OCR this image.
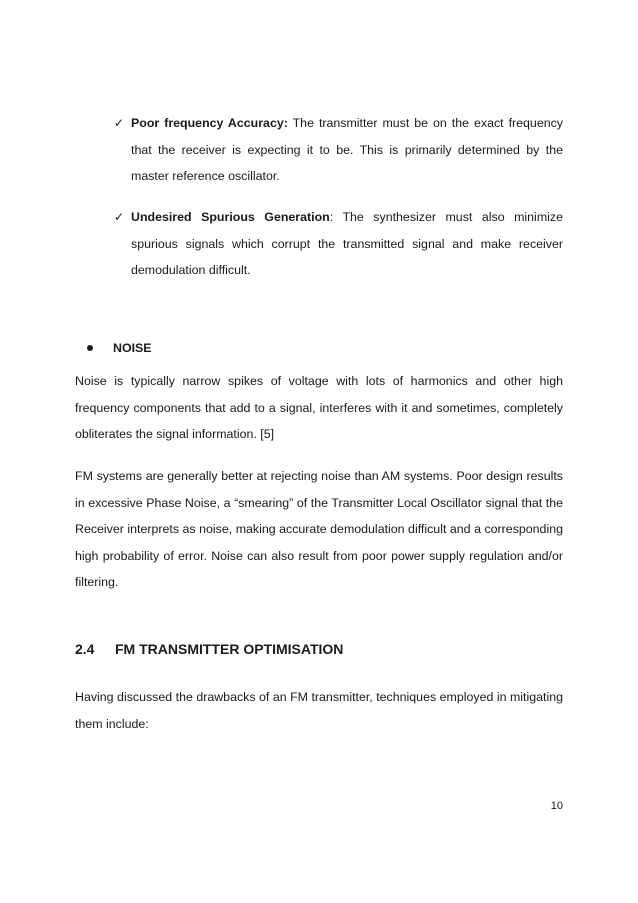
✓ Poor frequency Accuracy: The transmitter must be on the exact frequency that the receiver is expecting it to be. This is primarily determined by the master reference oscillator.
✓ Undesired Spurious Generation: The synthesizer must also minimize spurious signals which corrupt the transmitted signal and make receiver demodulation difficult.
NOISE
Noise is typically narrow spikes of voltage with lots of harmonics and other high frequency components that add to a signal, interferes with it and sometimes, completely obliterates the signal information. [5]
FM systems are generally better at rejecting noise than AM systems. Poor design results in excessive Phase Noise, a “smearing” of the Transmitter Local Oscillator signal that the Receiver interprets as noise, making accurate demodulation difficult and a corresponding high probability of error. Noise can also result from poor power supply regulation and/or filtering.
2.4 FM TRANSMITTER OPTIMISATION
Having discussed the drawbacks of an FM transmitter, techniques employed in mitigating them include:
10
